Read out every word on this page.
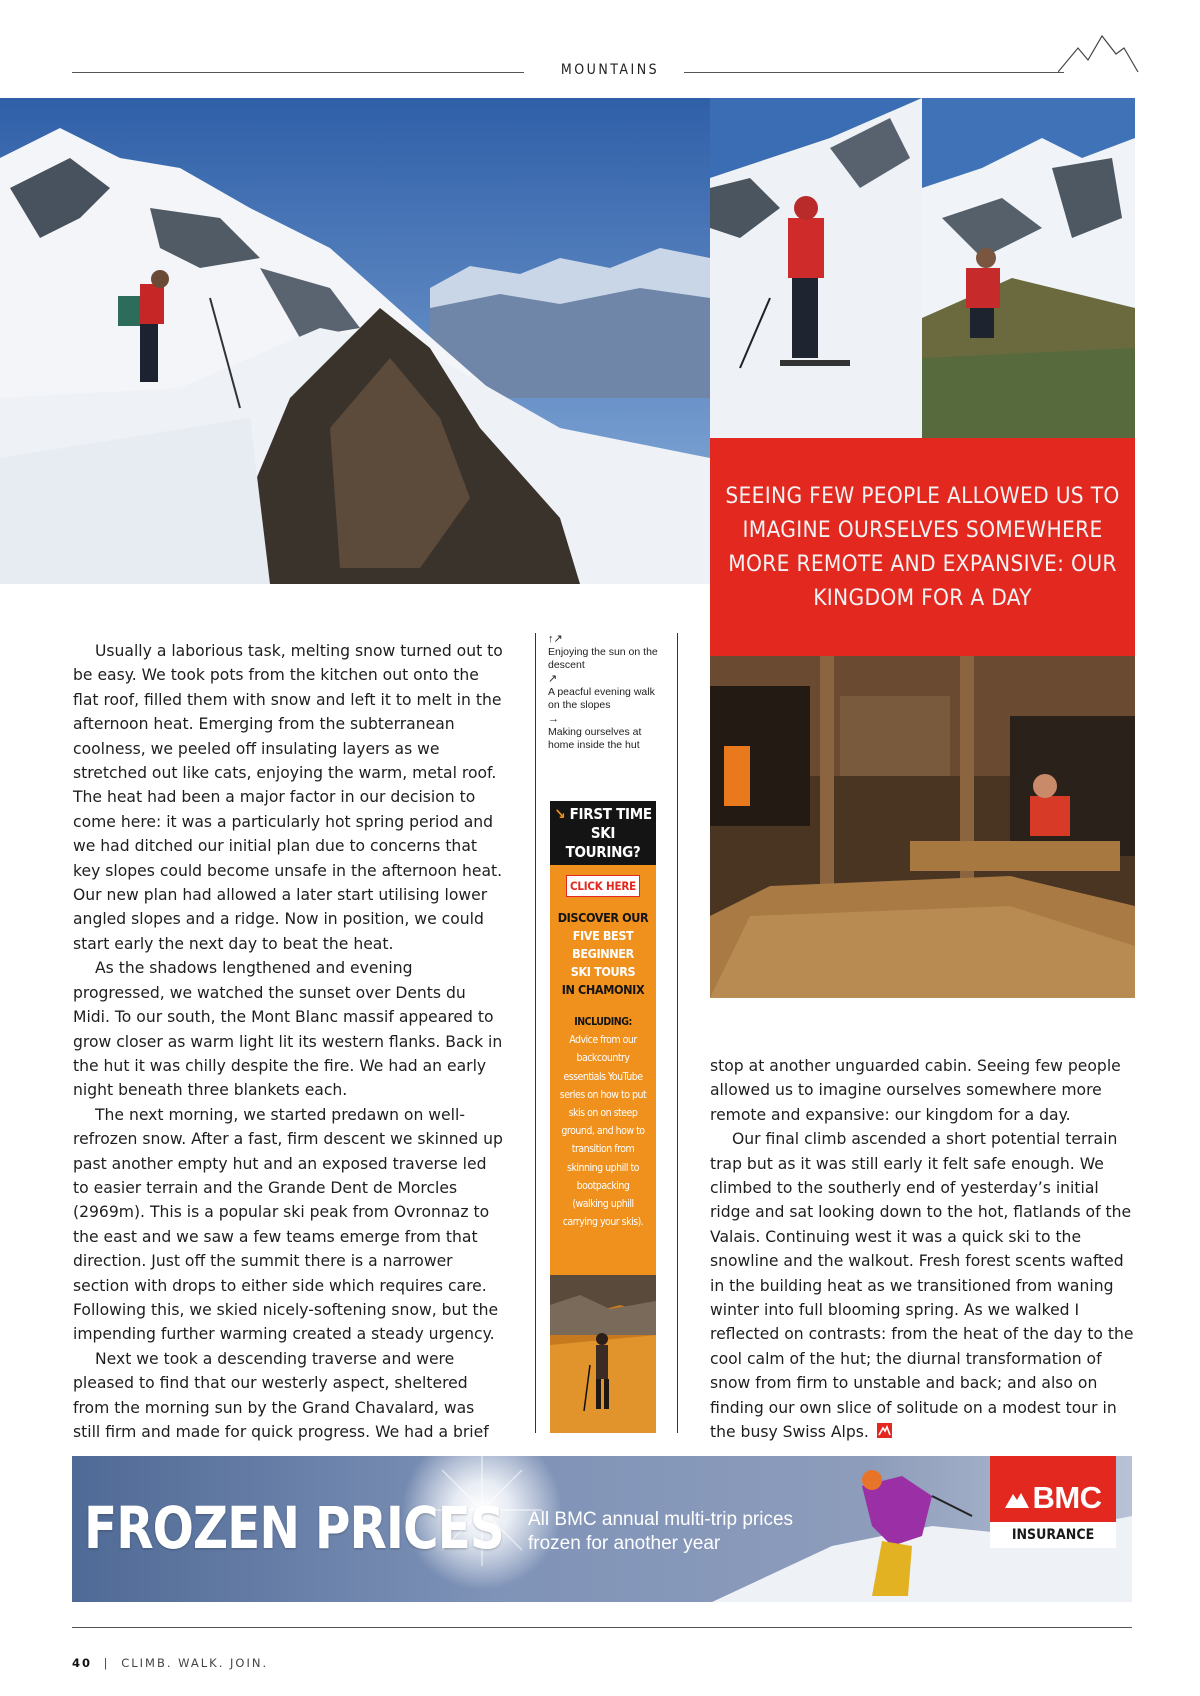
MOUNTAINS
SEEING FEW PEOPLE ALLOWED US TO IMAGINE OURSELVES SOMEWHERE MORE REMOTE AND EXPANSIVE: OUR KINGDOM FOR A DAY

Usually a laborious task, melting snow turned out to be easy. We took pots from the kitchen out onto the flat roof, filled them with snow and left it to melt in the afternoon heat. Emerging from the subterranean coolness, we peeled off insulating layers as we stretched out like cats, enjoying the warm, metal roof. The heat had been a major factor in our decision to come here: it was a particularly hot spring period and we had ditched our initial plan due to concerns that key slopes could become unsafe in the afternoon heat. Our new plan had allowed a later start utilising lower angled slopes and a ridge. Now in position, we could start early the next day to beat the heat.

As the shadows lengthened and evening progressed, we watched the sunset over Dents du Midi. To our south, the Mont Blanc massif appeared to grow closer as warm light lit its western flanks. Back in the hut it was chilly despite the fire. We had an early night beneath three blankets each.

The next morning, we started predawn on well-refrozen snow. After a fast, firm descent we skinned up past another empty hut and an exposed traverse led to easier terrain and the Grande Dent de Morcles (2969m). This is a popular ski peak from Ovronnaz to the east and we saw a few teams emerge from that direction. Just off the summit there is a narrower section with drops to either side which requires care. Following this, we skied nicely-softening snow, but the impending further warming created a steady urgency.

Next we took a descending traverse and were pleased to find that our westerly aspect, sheltered from the morning sun by the Grand Chavalard, was still firm and made for quick progress. We had a brief

↑↗
Enjoying the sun on the descent
↗
A peacful evening walk on the slopes
→
Making ourselves at home inside the hut
↘ FIRST TIME SKI TOURING?
CLICK HERE
DISCOVER OUR
FIVE BEST BEGINNER SKI TOURS
IN CHAMONIX
INCLUDING:
Advice from our backcountry essentials YouTube series on how to put skis on on steep ground, and how to transition from skinning uphill to bootpacking (walking uphill carrying your skis).

stop at another unguarded cabin. Seeing few people allowed us to imagine ourselves somewhere more remote and expansive: our kingdom for a day.

Our final climb ascended a short potential terrain trap but as it was still early it felt safe enough. We climbed to the southerly end of yesterday’s initial ridge and sat looking down to the hot, flatlands of the Valais. Continuing west it was a quick ski to the snowline and the walkout. Fresh forest scents wafted in the building heat as we transitioned from waning winter into full blooming spring. As we walked I reflected on contrasts: from the heat of the day to the cool calm of the hut; the diurnal transformation of snow from firm to unstable and back; and also on finding our own slice of solitude on a modest tour in the busy Swiss Alps.

FROZEN PRICES All BMC annual multi-trip prices frozen for another year
BMC
INSURANCE
40 | CLIMB. WALK. JOIN.
